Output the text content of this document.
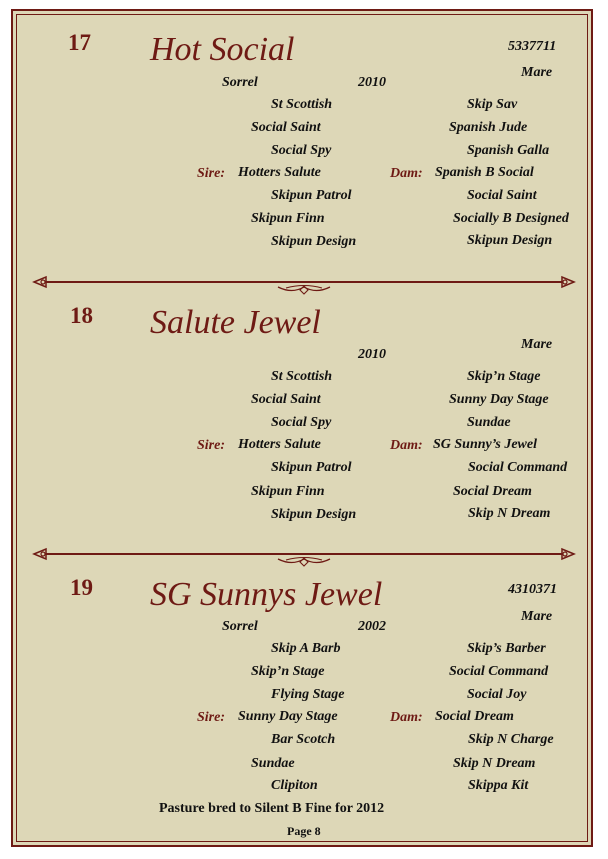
17 Hot Social	5337711
Mare
Sorrel	2010
St Scottish
Social Saint
Social Spy
Sire: Hotters Salute
Skipun Patrol
Skipun Finn
Skipun Design
Skip Sav
Spanish Jude
Spanish Galla
Dam: Spanish B Social
Social Saint
Socially B Designed
Skipun Design
18 Salute Jewel
Mare
2010
St Scottish
Social Saint
Social Spy
Sire: Hotters Salute
Skipun Patrol
Skipun Finn
Skipun Design
Skip’n Stage
Sunny Day Stage
Sundae
Dam: SG Sunny’s Jewel
Social Command
Social Dream
Skip N Dream
19 SG Sunnys Jewel	4310371
Mare
Sorrel	2002
Skip A Barb
Skip’n Stage
Flying Stage
Sire: Sunny Day Stage
Bar Scotch
Sundae
Clipiton
Skip’s Barber
Social Command
Social Joy
Dam: Social Dream
Skip N Charge
Skip N Dream
Skippa Kit
Pasture bred to Silent B Fine for 2012
Page 8
